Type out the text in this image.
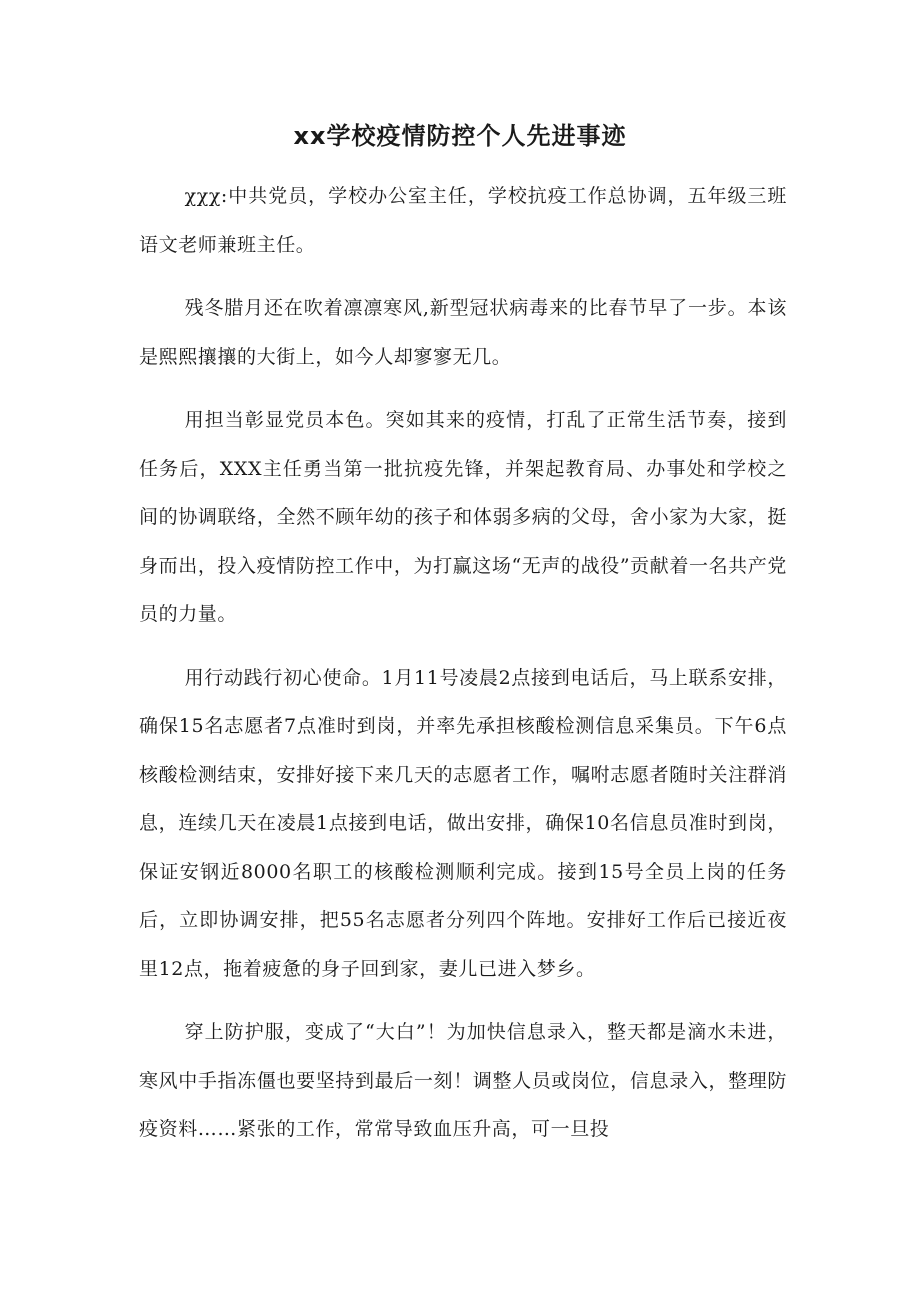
xx学校疫情防控个人先进事迹

χχχ:中共党员，学校办公室主任，学校抗疫工作总协调，五年级三班语文老师兼班主任。

残冬腊月还在吹着凛凛寒风,新型冠状病毒来的比春节早了一步。本该是熙熙攘攘的大街上，如今人却寥寥无几。

用担当彰显党员本色。突如其来的疫情，打乱了正常生活节奏，接到任务后，XXX主任勇当第一批抗疫先锋，并架起教育局、办事处和学校之间的协调联络，全然不顾年幼的孩子和体弱多病的父母，舍小家为大家，挺身而出，投入疫情防控工作中，为打赢这场“无声的战役”贡献着一名共产党员的力量。

用行动践行初心使命。1月11号凌晨2点接到电话后，马上联系安排，确保15名志愿者7点准时到岗，并率先承担核酸检测信息采集员。下午6点核酸检测结束，安排好接下来几天的志愿者工作，嘱咐志愿者随时关注群消息，连续几天在凌晨1点接到电话，做出安排，确保10名信息员准时到岗，保证安钢近8000名职工的核酸检测顺利完成。接到15号全员上岗的任务后，立即协调安排，把55名志愿者分列四个阵地。安排好工作后已接近夜里12点，拖着疲惫的身子回到家，妻儿已进入梦乡。

穿上防护服，变成了“大白”！为加快信息录入，整天都是滴水未进，寒风中手指冻僵也要坚持到最后一刻！调整人员或岗位，信息录入，整理防疫资料……紧张的工作，常常导致血压升高，可一旦投
